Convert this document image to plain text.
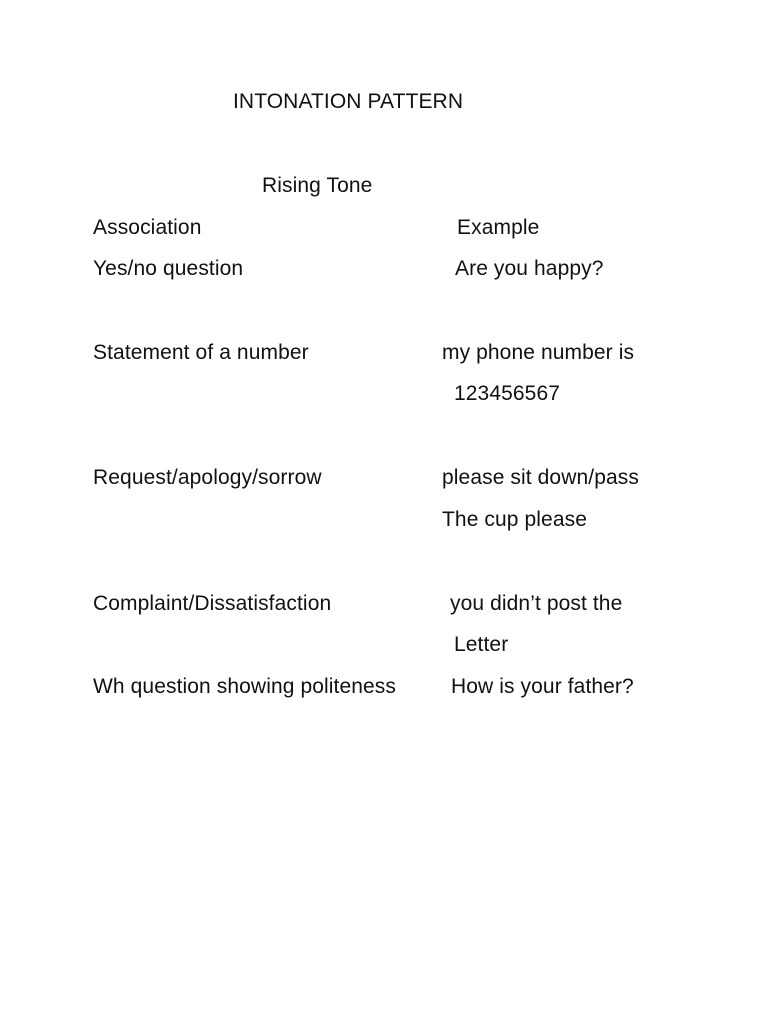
INTONATION PATTERN
Rising Tone
Association	Example
Yes/no question	Are you happy?
Statement of a number	my phone number is
123456567
Request/apology/sorrow	please sit down/pass
The cup please
Complaint/Dissatisfaction	you didn’t post the
Letter
Wh question showing politeness	How is your father?
